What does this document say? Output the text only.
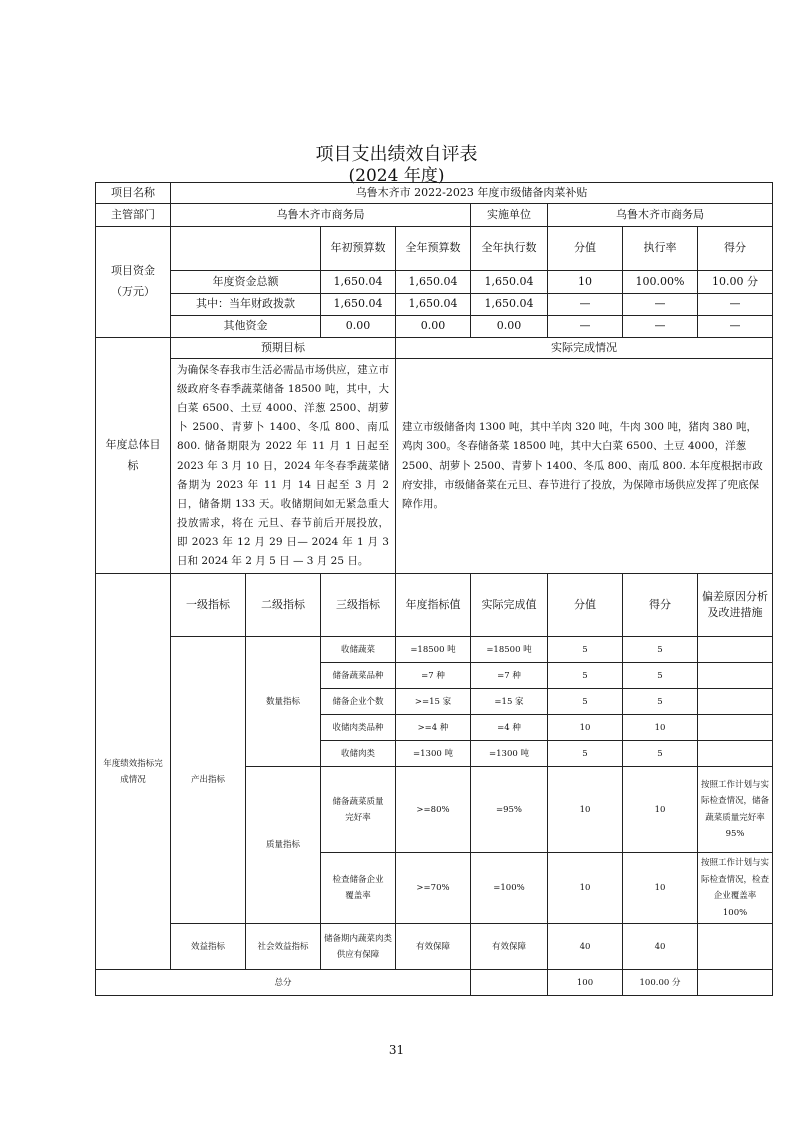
项目支出绩效自评表
(2024 年度)
项目名称	乌鲁木齐市 2022-2023 年度市级储备肉菜补贴							
主管部门	乌鲁木齐市商务局				实施单位	乌鲁木齐市商务局		
项目资金
（万元）			年初预算数	全年预算数	全年执行数	分值	执行率	得分
	年度资金总额		1,650.04	1,650.04	1,650.04	10	100.00%	10.00 分
	其中：当年财政拨款		1,650.04	1,650.04	1,650.04	—	—	—
	其他资金		0.00	0.00	0.00	—	—	—
年度总体目标	预期目标			实际完成情况				
	为确保冬春我市生活必需品市场供应，建立市级政府冬春季蔬菜储备 18500 吨，其中，大白菜 6500、土豆 4000、洋葱 2500、胡萝卜 2500、青萝卜 1400、冬瓜 800、南瓜 800. 储备期限为 2022 年 11 月 1 日起至 2023 年 3 月 10 日，2024 年冬春季蔬菜储备期为 2023 年 11 月 14 日起至 3 月 2 日，储备期 133 天。收储期间如无紧急重大投放需求，将在 元旦、春节前后开展投放，即 2023 年 12 月 29 日— 2024 年 1 月 3 日和 2024 年 2 月 5 日 — 3 月 25 日。			建立市级储备肉 1300 吨，其中羊肉 320 吨，牛肉 300 吨，猪肉 380 吨，鸡肉 300。冬春储备菜 18500 吨，其中大白菜 6500、土豆 4000，洋葱 2500、胡萝卜 2500、青萝卜 1400、冬瓜 800、南瓜 800. 本年度根据市政府安排，市级储备菜在元旦、春节进行了投放，为保障市场供应发挥了兜底保障作用。				
年度绩效指标完成情况	一级指标	二级指标	三级指标	年度指标值	实际完成值	分值	得分	偏差原因分析及改进措施
	产出指标	数量指标	收储蔬菜	=18500 吨	=18500 吨	5	5	
			储备蔬菜品种	=7 种	=7 种	5	5	
			储备企业个数	>=15 家	=15 家	5	5	
			收储肉类品种	>=4 种	=4 种	10	10	
			收储肉类	=1300 吨	=1300 吨	5	5	
		质量指标	储备蔬菜质量完好率	>=80%	=95%	10	10	按照工作计划与实际检查情况，储备蔬菜质量完好率 95%
			检查储备企业覆盖率	>=70%	=100%	10	10	按照工作计划与实际检查情况，检查企业覆盖率 100%
	效益指标	社会效益指标	储备期内蔬菜肉类供应有保障	有效保障	有效保障	40	40	
总分						100	100.00 分	
31
